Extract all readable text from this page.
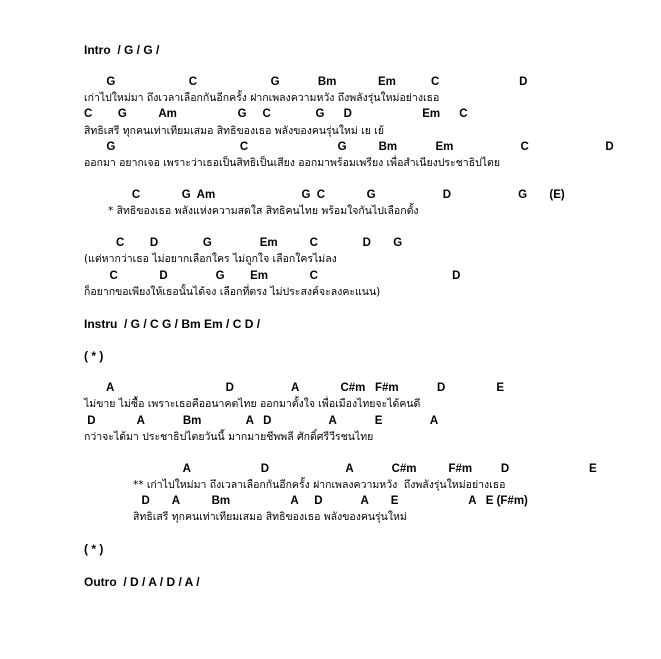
Intro  / G / G /
G                       C                       G            Bm             Em           C                         D
เก่าไปใหม่มา ถึงเวลาเลือกกันอีกครั้ง ฝากเพลงความหวัง ถึงพลังรุ่นใหม่อย่างเธอ
C        G          Am                   G     C              G      D                      Em      C
สิทธิเสรี ทุกคนเท่าเทียมเสมอ สิทธิของเธอ พลังของคนรุ่นใหม่ เย เย้
G                                       C                            G          Bm            Em                     C                        D
ออกมา อยากเจอ เพราะว่าเธอเป็นสิทธิเป็นเสียง ออกมาพร้อมเพรียง เพื่อสำเนียงประชาธิปไตย
C             G  Am                           G  C             G                     D                     G       (E)
* สิทธิของเธอ พลังแห่งความสดใส สิทธิคนไทย พร้อมใจกันไปเลือกตั้ง
C        D              G               Em          C              D       G
(แต่หากว่าเธอ ไม่อยากเลือกใคร ไม่ถูกใจ เลือกใครไม่ลง
C             D               G        Em             C                                          D
ก็อยากขอเพียงให้เธอนั้นได้จง เลือกที่ตรง ไม่ประสงค์จะลงคะแนน)
Instru  / G / C G / Bm Em / C D /
( * )
A                                   D                  A             C#m   F#m            D                E
ไม่ขาย ไม่ซื้อ เพราะเธอคืออนาคตไทย ออกมาตั้งใจ เพื่อเมืองไทยจะได้คนดี
D             A            Bm              A   D                  A            E               A
กว่าจะได้มา ประชาธิปไตยวันนี้ มากมายชีพพลี ศักดิ์ศรีวีรชนไทย
A                      D                        A            C#m          F#m         D                         E
** เก่าไปใหม่มา ถึงเวลาเลือกกันอีกครั้ง ฝากเพลงความหวัง  ถึงพลังรุ่นใหม่อย่างเธอ
D       A          Bm                   A     D            A       E                      A   E (F#m)
สิทธิเสรี ทุกคนเท่าเทียมเสมอ สิทธิของเธอ พลังของคนรุ่นใหม่
( * )
Outro  / D / A / D / A /
